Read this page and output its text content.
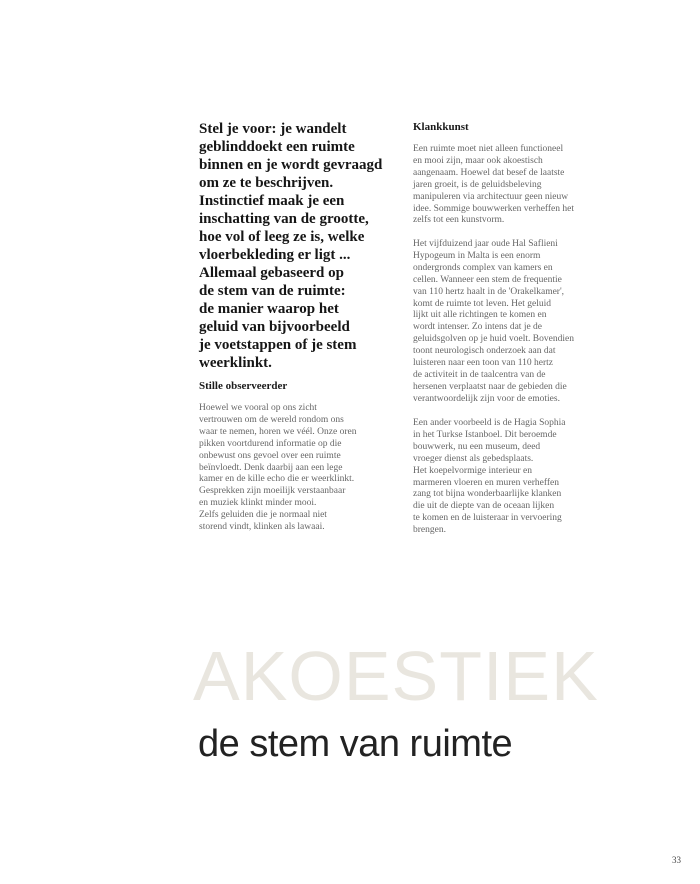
Stel je voor: je wandelt
geblinddoekt een ruimte
binnen en je wordt gevraagd
om ze te beschrijven.
Instinctief maak je een
inschatting van de grootte,
hoe vol of leeg ze is, welke
vloerbekleding er ligt ...
Allemaal gebaseerd op
de stem van de ruimte:
de manier waarop het
geluid van bijvoorbeeld
je voetstappen of je stem
weerklinkt.
Stille observeerder
Hoewel we vooral op ons zicht
vertrouwen om de wereld rondom ons
waar te nemen, horen we véél. Onze oren
pikken voortdurend informatie op die
onbewust ons gevoel over een ruimte
beïnvloedt. Denk daarbij aan een lege
kamer en de kille echo die er weerklinkt.
Gesprekken zijn moeilijk verstaanbaar
en muziek klinkt minder mooi.
Zelfs geluiden die je normaal niet
storend vindt, klinken als lawaai.
Klankkunst
Een ruimte moet niet alleen functioneel
en mooi zijn, maar ook akoestisch
aangenaam. Hoewel dat besef de laatste
jaren groeit, is de geluidsbeleving
manipuleren via architectuur geen nieuw
idee. Sommige bouwwerken verheffen het
zelfs tot een kunstvorm.
Het vijfduizend jaar oude Hal Saflieni
Hypogeum in Malta is een enorm
ondergronds complex van kamers en
cellen. Wanneer een stem de frequentie
van 110 hertz haalt in de 'Orakelkamer',
komt de ruimte tot leven. Het geluid
lijkt uit alle richtingen te komen en
wordt intenser. Zo intens dat je de
geluidsgolven op je huid voelt. Bovendien
toont neurologisch onderzoek aan dat
luisteren naar een toon van 110 hertz
de activiteit in de taalcentra van de
hersenen verplaatst naar de gebieden die
verantwoordelijk zijn voor de emoties.
Een ander voorbeeld is de Hagia Sophia
in het Turkse Istanboel. Dit beroemde
bouwwerk, nu een museum, deed
vroeger dienst als gebedsplaats.
Het koepelvormige interieur en
marmeren vloeren en muren verheffen
zang tot bijna wonderbaarlijke klanken
die uit de diepte van de oceaan lijken
te komen en de luisteraar in vervoering
brengen.
AKOESTIEK
de stem van ruimte
33
